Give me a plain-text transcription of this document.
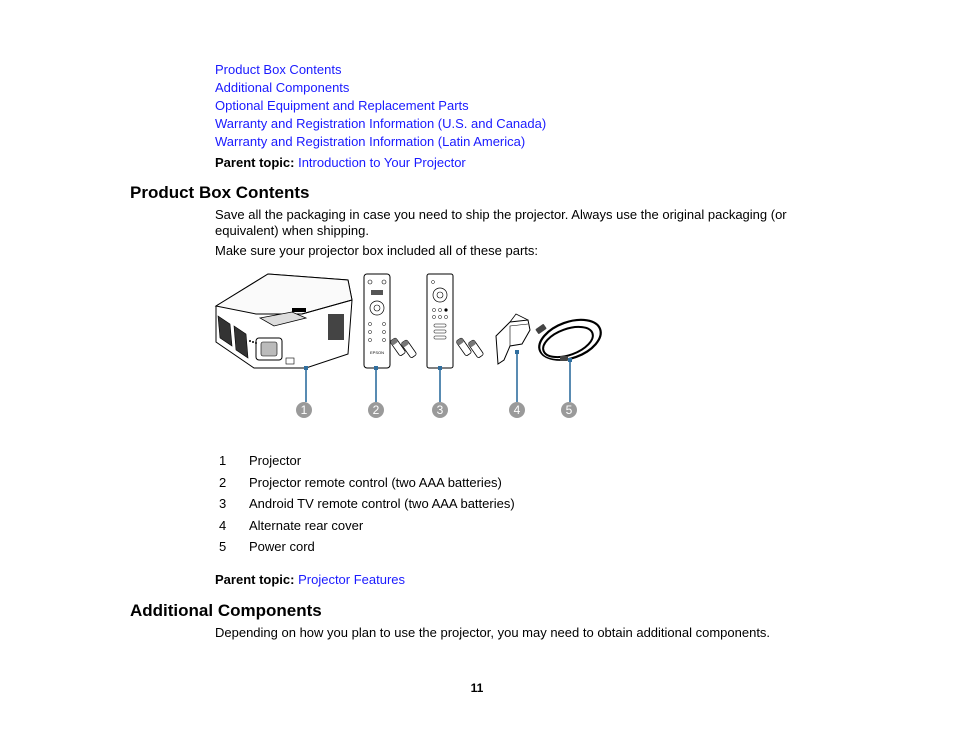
Product Box Contents
Additional Components
Optional Equipment and Replacement Parts
Warranty and Registration Information (U.S. and Canada)
Warranty and Registration Information (Latin America)
Parent topic: Introduction to Your Projector
Product Box Contents

Save all the packaging in case you need to ship the projector. Always use the original packaging (or equivalent) when shipping.

Make sure your projector box included all of these parts:

EPSON
1	2	3	4	5
1 Projector
2 Projector remote control (two AAA batteries)
3 Android TV remote control (two AAA batteries)
4 Alternate rear cover
5 Power cord
Parent topic: Projector Features
Additional Components

Depending on how you plan to use the projector, you may need to obtain additional components.

11
